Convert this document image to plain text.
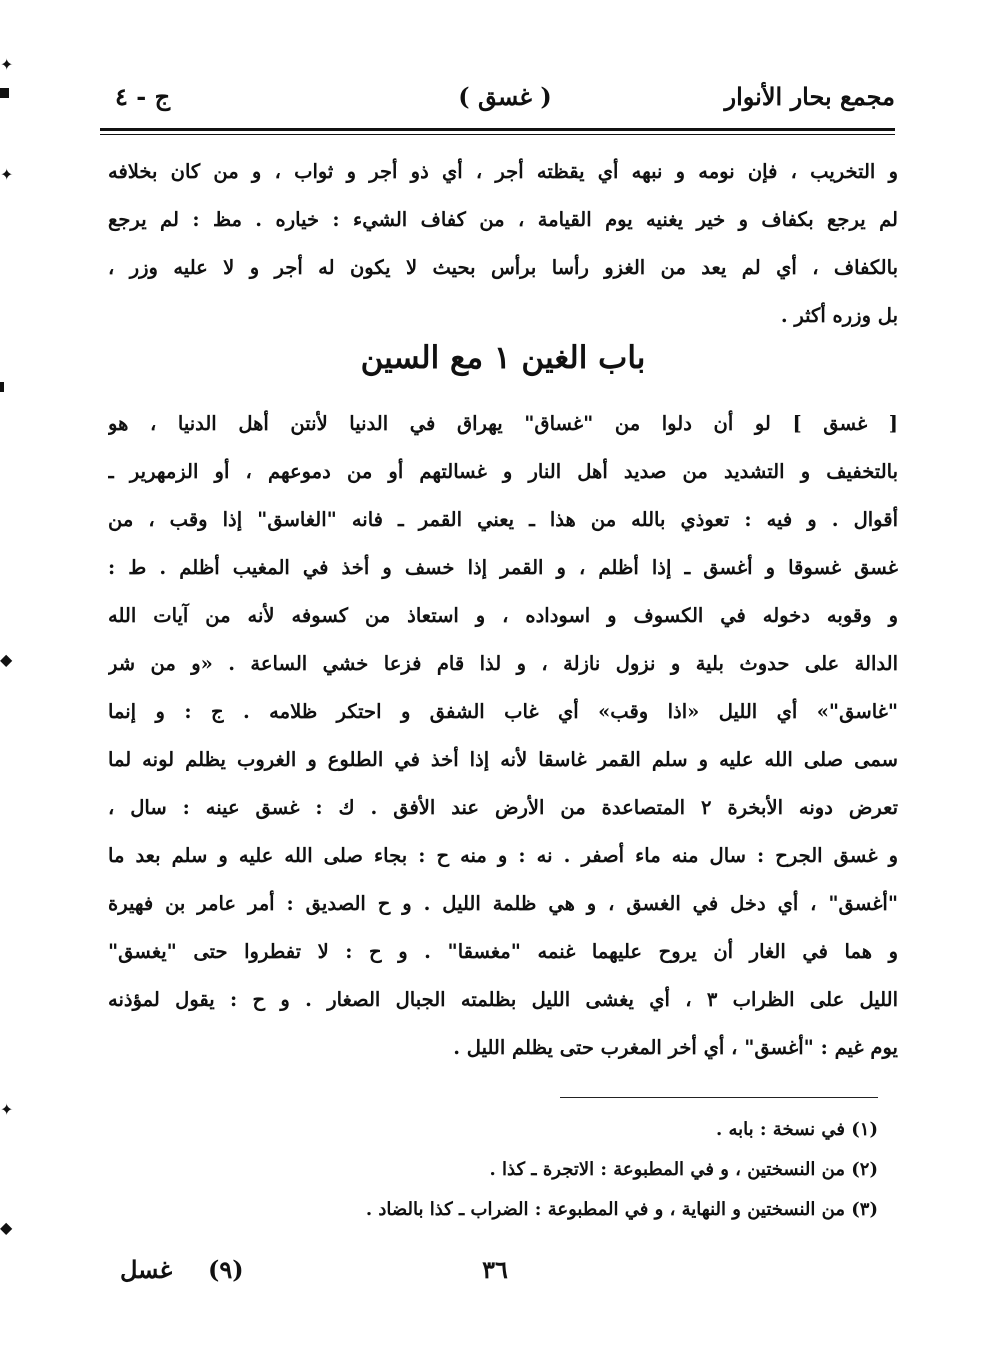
مجمع بحار الأنوار
( غسق )
ج - ٤
و التخريب ، فإن نومه و نبهه أي يقظته أجر ، أي ذو أجر و ثواب ، و من كان بخلافه
لم يرجع بكفاف و خير يغنيه يوم القيامة ، من كفاف الشيء : خياره . مظ : لم يرجع
بالكفاف ، أي لم يعد من الغزو رأسا برأس بحيث لا يكون له أجر و لا عليه وزر ،
بل وزره أكثر .
باب الغين ١ مع السين
[ غسق ] لو أن دلوا من "غساق" يهراق في الدنيا لأنتن أهل الدنيا ، هو
بالتخفيف و التشديد من صديد أهل النار و غسالتهم أو من دموعهم ، أو الزمهرير ـ
أقوال . و فيه : تعوذي بالله من هذا ـ يعني القمر ـ فانه "الغاسق" إذا وقب ، من
غسق غسوقا و أغسق ـ إذا أظلم ، و القمر إذا خسف و أخذ في المغيب أظلم . ط :
و وقوبه دخوله في الكسوف و اسوداده ، و استعاذ من كسوفه لأنه من آيات الله
الدالة على حدوث بلية و نزول نازلة ، و لذا قام فزعا خشي الساعة . «و من شر
"غاسق"» أي الليل «اذا وقب» أي غاب الشفق و احتكر ظلامه . ج : و إنما
سمى صلى الله عليه و سلم القمر غاسقا لأنه إذا أخذ في الطلوع و الغروب يظلم لونه لما
تعرض دونه الأبخرة ٢ المتصاعدة من الأرض عند الأفق . ك : غسق عينه : سال ،
و غسق الجرح : سال منه ماء أصفر . نه : و منه ح : بجاء صلى الله عليه و سلم بعد ما
"أغسق" ، أي دخل في الغسق ، و هي ظلمة الليل . و ح الصديق : أمر عامر بن فهيرة
و هما في الغار أن يروح عليهما غنمه "مغسقا" . و ح : لا تفطروا حتى "يغسق"
الليل على الظراب ٣ ، أي يغشى الليل بظلمته الجبال الصغار . و ح : يقول لمؤذنه
يوم غيم : "أغسق" ، أي أخر المغرب حتى يظلم الليل .
(١) في نسخة : بابه .
(٢) من النسختين ، و في المطبوعة : الاتجرة ـ كذا .
(٣) من النسختين و النهاية ، و في المطبوعة : الضراب ـ كذا بالضاد .
٣٦
(٩)
غسل
✦
✦
◆
✦
◆
